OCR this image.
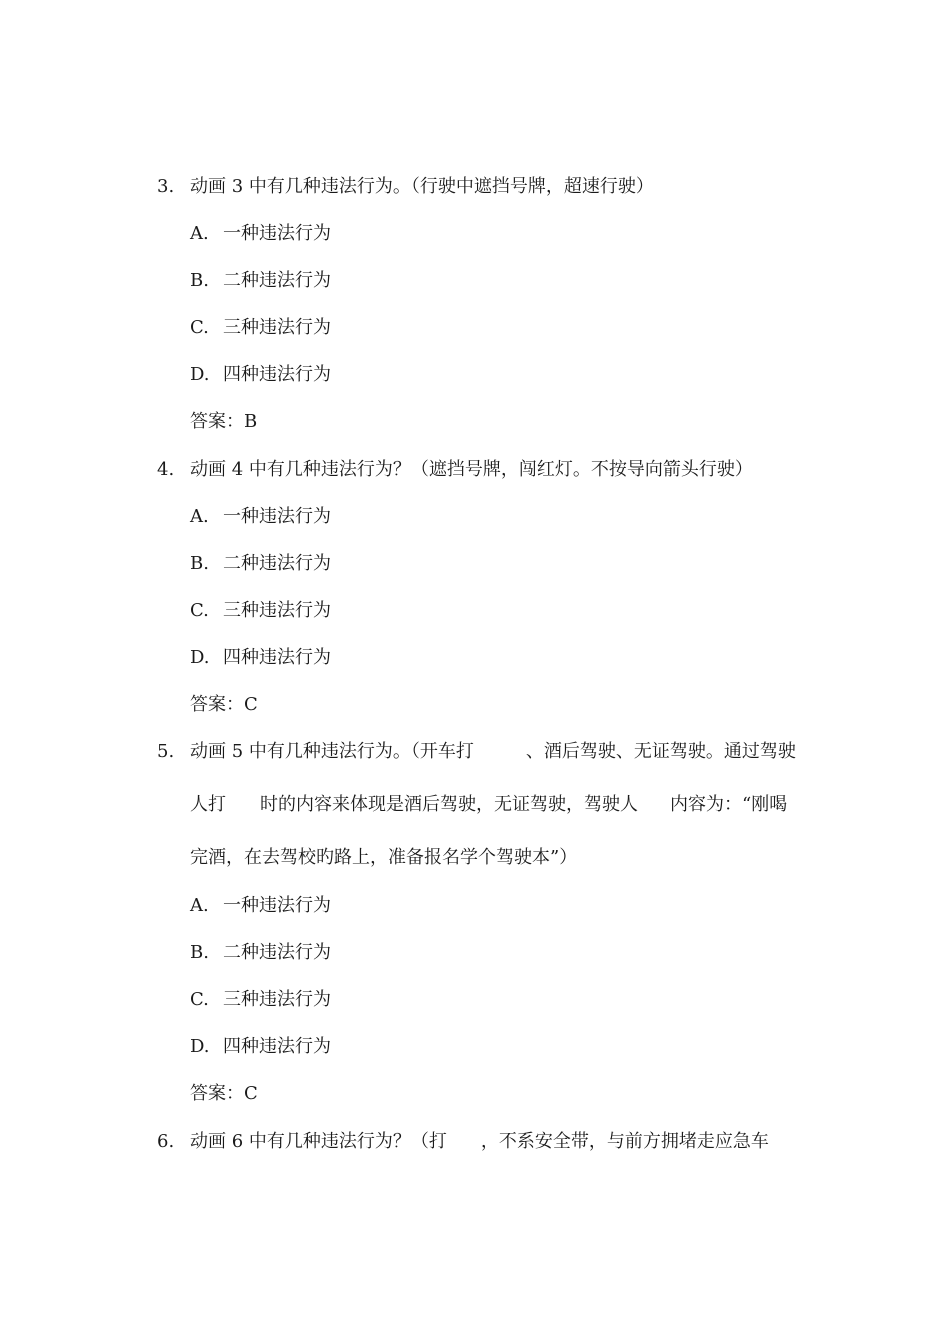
3. 动画 3 中有几种违法行为。（行驶中遮挡号牌，超速行驶）
A. 一种违法行为
B. 二种违法行为
C. 三种违法行为
D. 四种违法行为
答案：B
4. 动画 4 中有几种违法行为？（遮挡号牌，闯红灯。不按导向箭头行驶）
A. 一种违法行为
B. 二种违法行为
C. 三种违法行为
D. 四种违法行为
答案：C
5. 动画 5 中有几种违法行为。（开车打	、酒后驾驶、无证驾驶。通过驾驶
人打 时的内容来体现是酒后驾驶，无证驾驶，驾驶人 内容为：“刚喝
完酒，在去驾校旳路上，准备报名学个驾驶本”）
A. 一种违法行为
B. 二种违法行为
C. 三种违法行为
D. 四种违法行为
答案：C
6. 动画 6 中有几种违法行为？（打 ，不系安全带，与前方拥堵走应急车
